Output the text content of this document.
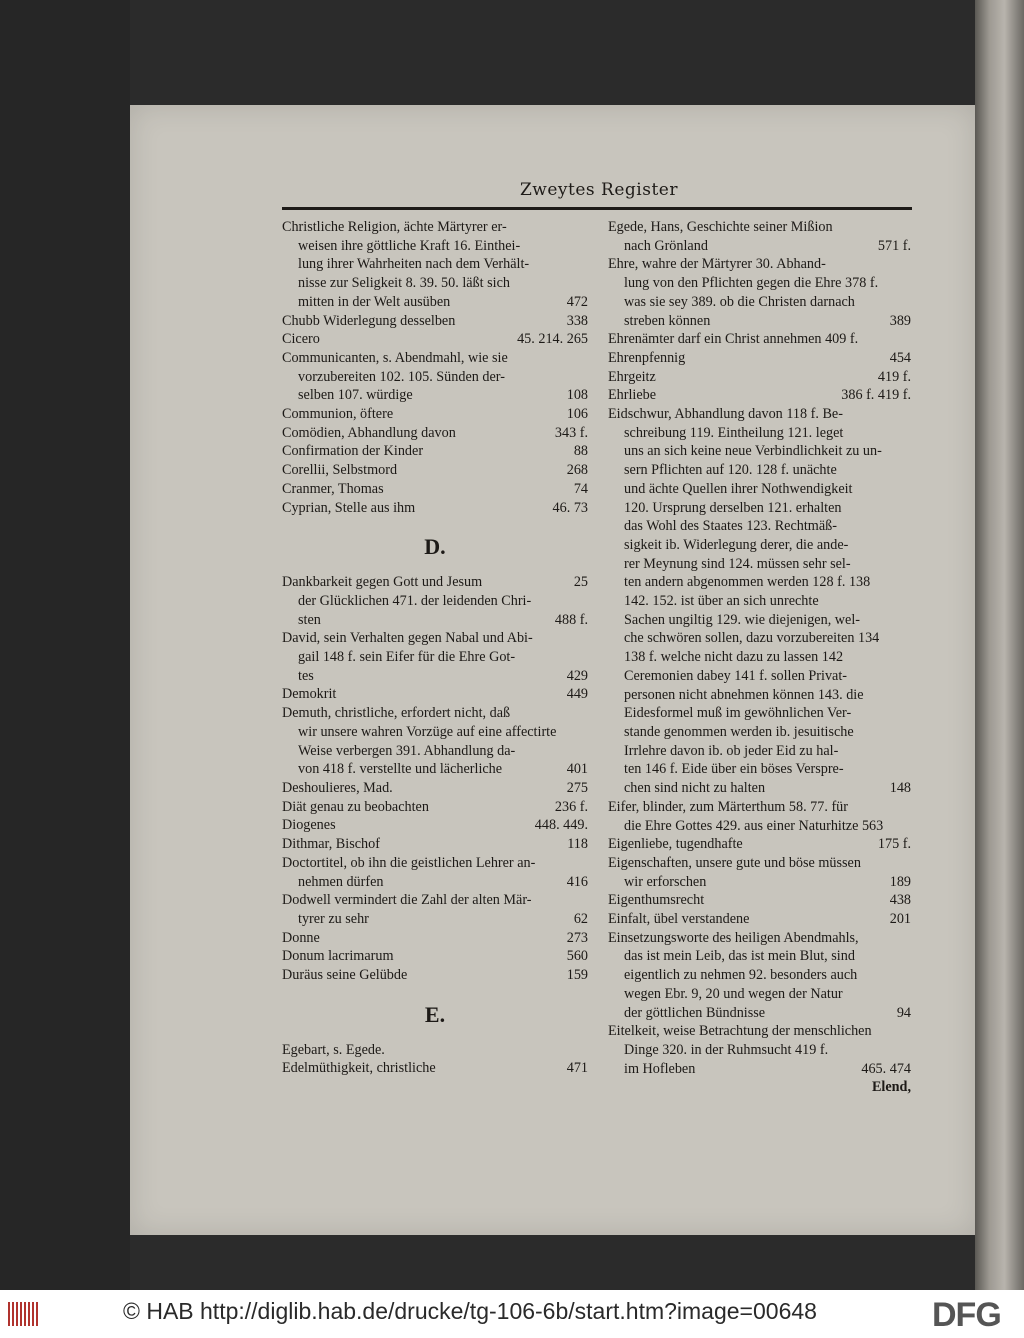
Zweytes Register
Christliche Religion, ächte Märtyrer er-
weisen ihre göttliche Kraft 16. Einthei-
lung ihrer Wahrheiten nach dem Verhält-
nisse zur Seligkeit 8. 39. 50. läßt sich
mitten in der Welt ausüben	472
Chubb Widerlegung desselben	338
Cicero	45. 214. 265
Communicanten, s. Abendmahl, wie sie
vorzubereiten 102. 105. Sünden der-
selben 107. würdige	108
Communion, öftere	106
Comödien, Abhandlung davon	343 f.
Confirmation der Kinder	88
Corellii, Selbstmord	268
Cranmer, Thomas	74
Cyprian, Stelle aus ihm	46. 73
D.
Dankbarkeit gegen Gott und Jesum	25
der Glücklichen 471. der leidenden Chri-
sten	488 f.
David, sein Verhalten gegen Nabal und Abi-
gail 148 f. sein Eifer für die Ehre Got-
tes	429
Demokrit	449
Demuth, christliche, erfordert nicht, daß
wir unsere wahren Vorzüge auf eine affectirte
Weise verbergen 391. Abhandlung da-
von 418 f. verstellte und lächerliche	401
Deshoulieres, Mad.	275
Diät genau zu beobachten	236 f.
Diogenes	448. 449.
Dithmar, Bischof	118
Doctortitel, ob ihn die geistlichen Lehrer an-
nehmen dürfen	416
Dodwell vermindert die Zahl der alten Mär-
tyrer zu sehr	62
Donne	273
Donum lacrimarum	560
Duräus seine Gelübde	159
E.
Egebart, s. Egede.
Edelmüthigkeit, christliche	471
Egede, Hans, Geschichte seiner Mißion
nach Grönland	571 f.
Ehre, wahre der Märtyrer 30. Abhand-
lung von den Pflichten gegen die Ehre 378 f.
was sie sey 389. ob die Christen darnach
streben können	389
Ehrenämter darf ein Christ annehmen 409 f.
Ehrenpfennig	454
Ehrgeitz	419 f.
Ehrliebe	386 f. 419 f.
Eidschwur, Abhandlung davon 118 f. Be-
schreibung 119. Eintheilung 121. leget
uns an sich keine neue Verbindlichkeit zu un-
sern Pflichten auf 120. 128 f. unächte
und ächte Quellen ihrer Nothwendigkeit
120. Ursprung derselben 121. erhalten
das Wohl des Staates 123. Rechtmäß-
sigkeit ib. Widerlegung derer, die ande-
rer Meynung sind 124. müssen sehr sel-
ten andern abgenommen werden 128 f. 138
142. 152. ist über an sich unrechte
Sachen ungiltig 129. wie diejenigen, wel-
che schwören sollen, dazu vorzubereiten 134
138 f. welche nicht dazu zu lassen 142
Ceremonien dabey 141 f. sollen Privat-
personen nicht abnehmen können 143. die
Eidesformel muß im gewöhnlichen Ver-
stande genommen werden ib. jesuitische
Irrlehre davon ib. ob jeder Eid zu hal-
ten 146 f. Eide über ein böses Verspre-
chen sind nicht zu halten	148
Eifer, blinder, zum Märterthum 58. 77. für
die Ehre Gottes 429. aus einer Naturhitze 563
Eigenliebe, tugendhafte	175 f.
Eigenschaften, unsere gute und böse müssen
wir erforschen	189
Eigenthumsrecht	438
Einfalt, übel verstandene	201
Einsetzungsworte des heiligen Abendmahls,
das ist mein Leib, das ist mein Blut, sind
eigentlich zu nehmen 92. besonders auch
wegen Ebr. 9, 20 und wegen der Natur
der göttlichen Bündnisse	94
Eitelkeit, weise Betrachtung der menschlichen
Dinge 320. in der Ruhmsucht 419 f.
im Hofleben	465. 474
Elend,
© HAB http://diglib.hab.de/drucke/tg-106-6b/start.htm?image=00648	DFG
